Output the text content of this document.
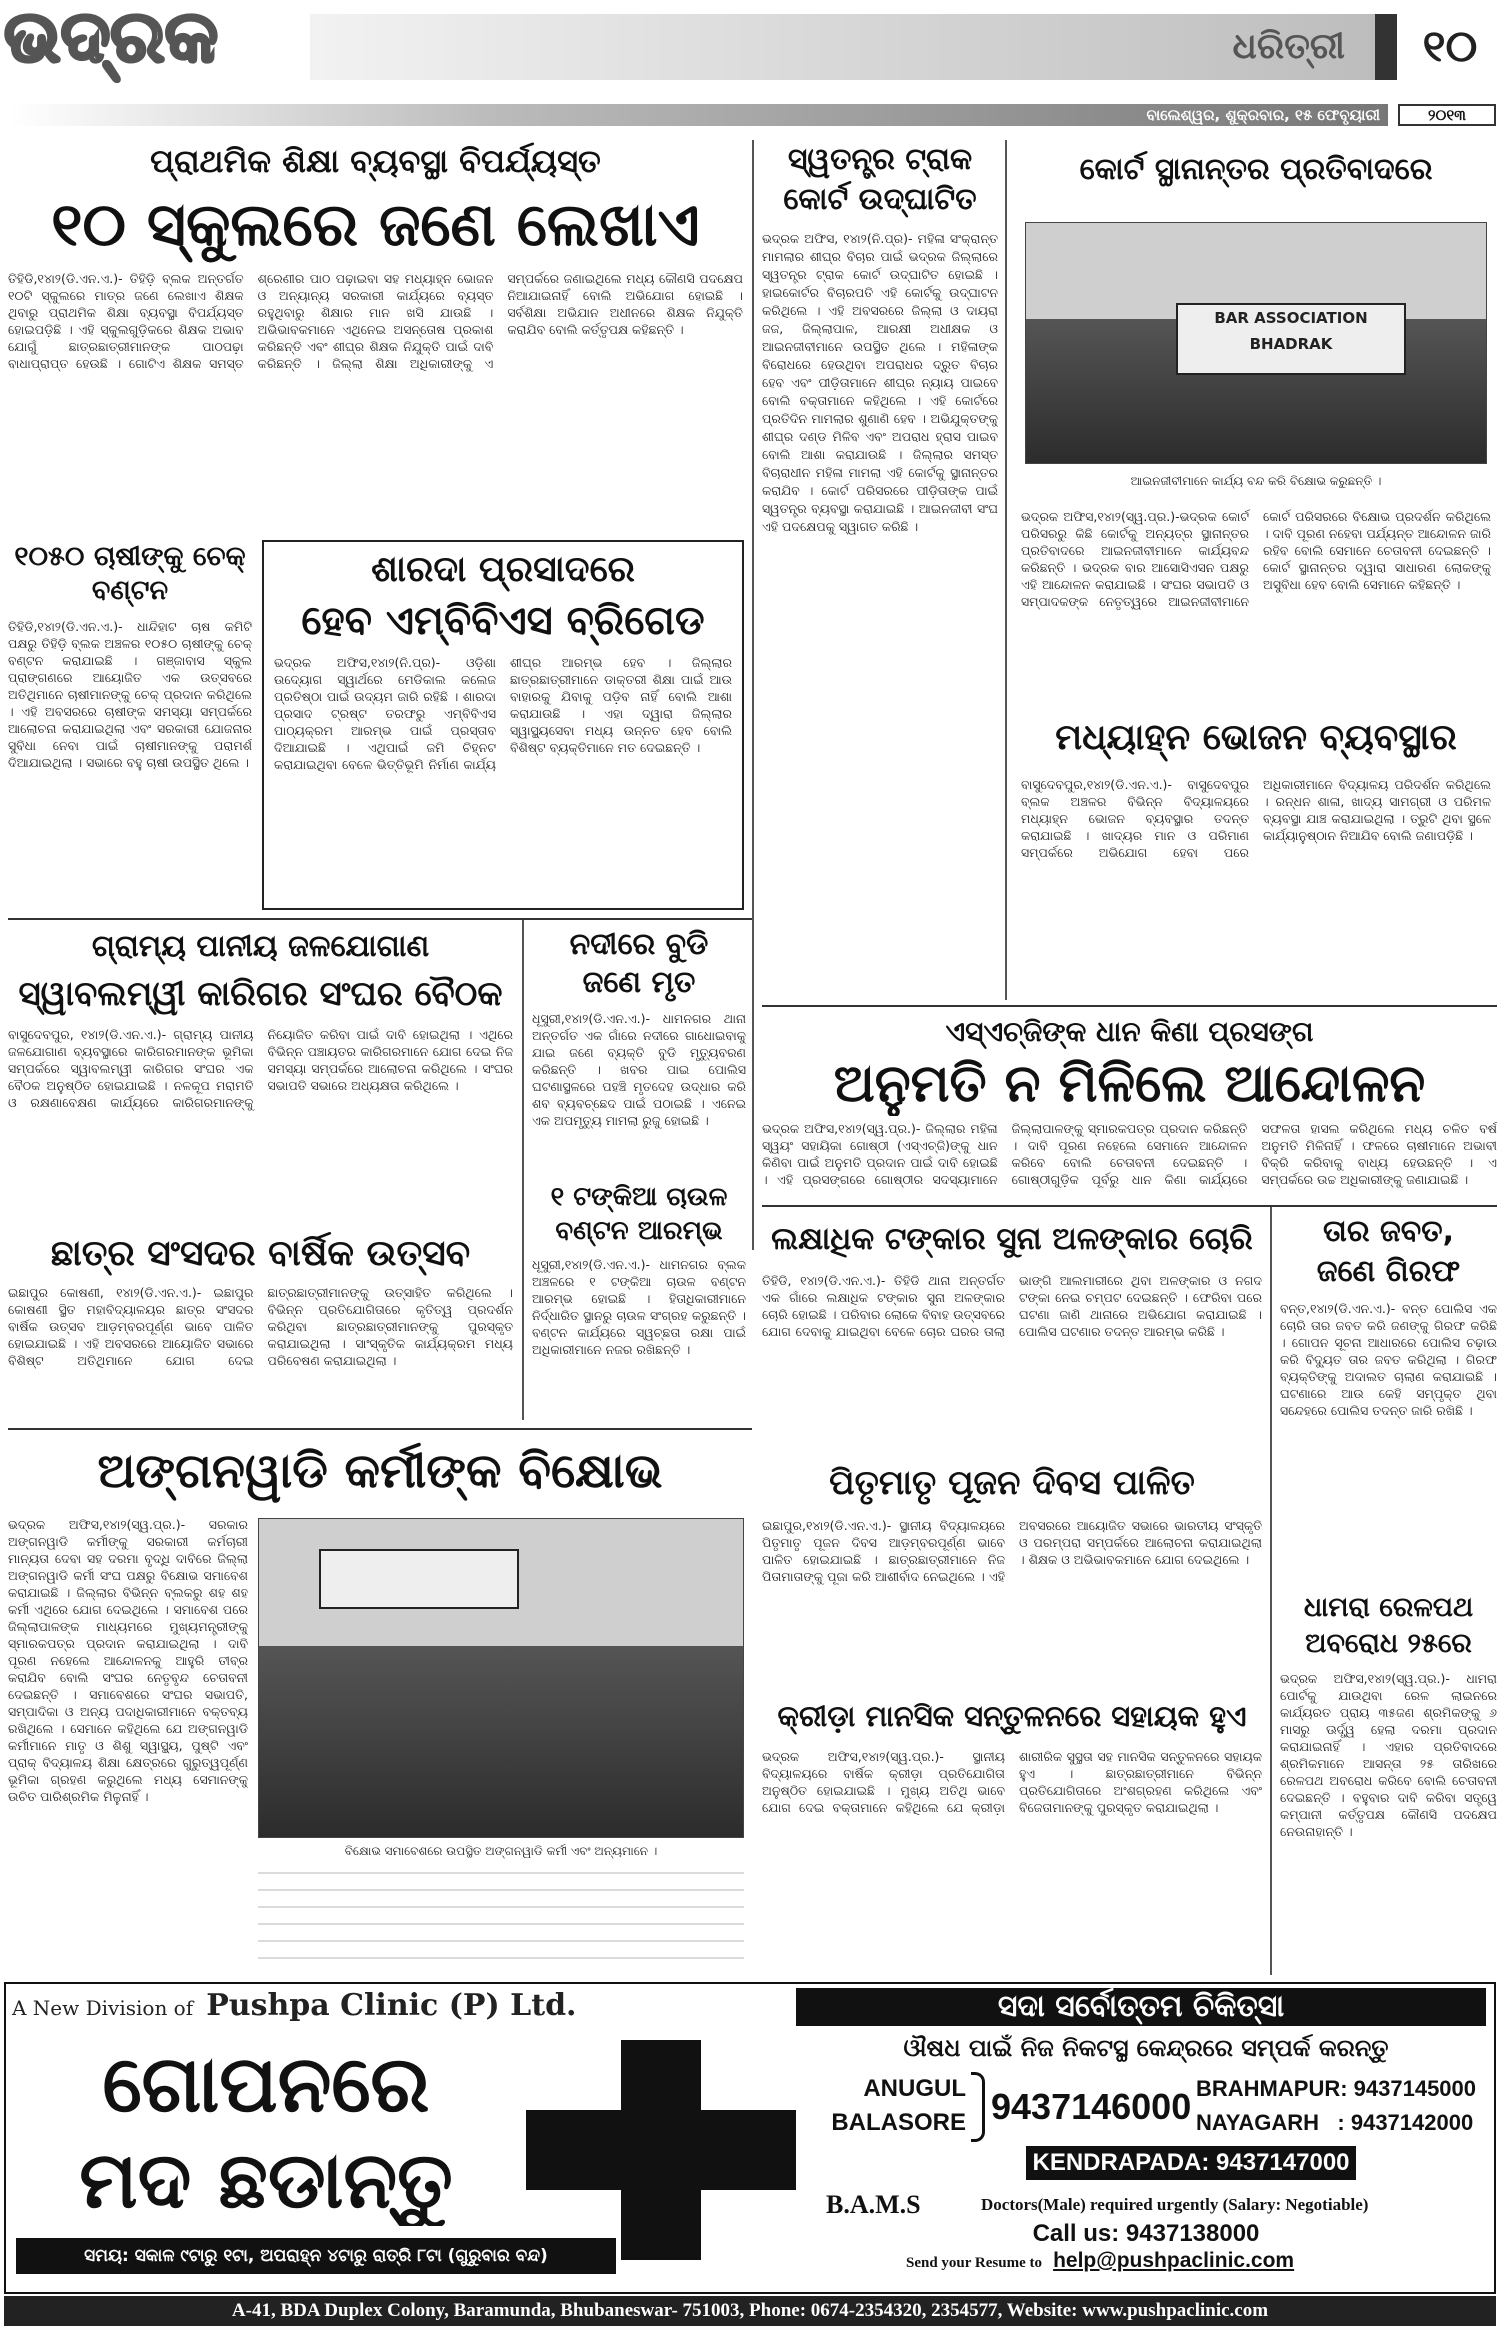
ଭଦ୍ରକ	ଧରିତ୍ରୀ	୧୦
ବାଲେଶ୍ୱର, ଶୁକ୍ରବାର, ୧୫ ଫେବୃୟାରୀ	୨୦୧୩
ପ୍ରାଥମିକ ଶିକ୍ଷା ବ୍ୟବସ୍ଥା ବିପର୍ଯ୍ୟସ୍ତ
୧୦ ସ୍କୁଲରେ ଜଣେ ଲେଖାଏ
ତିହିଡି,୧୪ା୨(ଡି.ଏନ.ଏ.)- ତିହିଡ଼ି ବ୍ଲକ ଅନ୍ତର୍ଗତ ୧୦ଟି ସ୍କୁଲରେ ମାତ୍ର ଜଣେ ଲେଖାଏ ଶିକ୍ଷକ ଥିବାରୁ ପ୍ରାଥମିକ ଶିକ୍ଷା ବ୍ୟବସ୍ଥା ବିପର୍ଯ୍ୟସ୍ତ ହୋଇପଡ଼ିଛି । ଏହି ସ୍କୁଲଗୁଡ଼ିକରେ ଶିକ୍ଷକ ଅଭାବ ଯୋଗୁଁ ଛାତ୍ରଛାତ୍ରୀମାନଙ୍କ ପାଠପଢ଼ା ବାଧାପ୍ରାପ୍ତ ହେଉଛି । ଗୋଟିଏ ଶିକ୍ଷକ ସମସ୍ତ ଶ୍ରେଣୀର ପାଠ ପଢ଼ାଇବା ସହ ମଧ୍ୟାହ୍ନ ଭୋଜନ ଓ ଅନ୍ୟାନ୍ୟ ସରକାରୀ କାର୍ଯ୍ୟରେ ବ୍ୟସ୍ତ ରହୁଥିବାରୁ ଶିକ୍ଷାର ମାନ ଖସି ଯାଉଛି । ଅଭିଭାବକମାନେ ଏଥିନେଇ ଅସନ୍ତୋଷ ପ୍ରକାଶ କରିଛନ୍ତି ଏବଂ ଶୀଘ୍ର ଶିକ୍ଷକ ନିଯୁକ୍ତି ପାଇଁ ଦାବି କରିଛନ୍ତି । ଜିଲ୍ଲା ଶିକ୍ଷା ଅଧିକାରୀଙ୍କୁ ଏ ସମ୍ପର୍କରେ ଜଣାଇଥିଲେ ମଧ୍ୟ କୌଣସି ପଦକ୍ଷେପ ନିଆଯାଇନାହିଁ ବୋଲି ଅଭିଯୋଗ ହୋଇଛି । ସର୍ବଶିକ୍ଷା ଅଭିଯାନ ଅଧୀନରେ ଶିକ୍ଷକ ନିଯୁକ୍ତି କରାଯିବ ବୋଲି କର୍ତ୍ତୃପକ୍ଷ କହିଛନ୍ତି ।
୧୦୫୦ ଚାଷୀଙ୍କୁ ଚେକ୍ ବଣ୍ଟନ
ତିହିଡି,୧୪ା୨(ଡି.ଏନ.ଏ.)- ଧାନ୍ଦିହାଟ ଚାଷ କମିଟି ପକ୍ଷରୁ ତିହିଡ଼ି ବ୍ଲକ ଅଞ୍ଚଳର ୧୦୫୦ ଚାଷୀଙ୍କୁ ଚେକ୍ ବଣ୍ଟନ କରାଯାଇଛି । ଗଞ୍ଜାବାସ ସ୍କୁଲ ପ୍ରାଙ୍ଗଣରେ ଆୟୋଜିତ ଏକ ଉତ୍ସବରେ ଅତିଥିମାନେ ଚାଷୀମାନଙ୍କୁ ଚେକ୍ ପ୍ରଦାନ କରିଥିଲେ । ଏହି ଅବସରରେ ଚାଷୀଙ୍କ ସମସ୍ୟା ସମ୍ପର୍କରେ ଆଲୋଚନା କରାଯାଇଥିଲା ଏବଂ ସରକାରୀ ଯୋଜନାର ସୁବିଧା ନେବା ପାଇଁ ଚାଷୀମାନଙ୍କୁ ପରାମର୍ଶ ଦିଆଯାଇଥିଲା । ସଭାରେ ବହୁ ଚାଷୀ ଉପସ୍ଥିତ ଥିଲେ ।
ଶାରଦା ପ୍ରସାଦରେ
ହେବ ଏମ୍ବିବିଏସ ବ୍ରିଗେଡ
ଭଦ୍ରକ ଅଫିସ,୧୪ା୨(ନି.ପ୍ର)- ଓଡ଼ିଶା ଉଦ୍ୟୋଗ ସ୍ୱାର୍ଥରେ ମେଡିକାଲ କଲେଜ ପ୍ରତିଷ୍ଠା ପାଇଁ ଉଦ୍ୟମ ଜାରି ରହିଛି । ଶାରଦା ପ୍ରସାଦ ଟ୍ରଷ୍ଟ ତରଫରୁ ଏମ୍ବିବିଏସ ପାଠ୍ୟକ୍ରମ ଆରମ୍ଭ ପାଇଁ ପ୍ରସ୍ତାବ ଦିଆଯାଇଛି । ଏଥିପାଇଁ ଜମି ଚିହ୍ନଟ କରାଯାଇଥିବା ବେଳେ ଭିତ୍ତିଭୂମି ନିର୍ମାଣ କାର୍ଯ୍ୟ ଶୀଘ୍ର ଆରମ୍ଭ ହେବ । ଜିଲ୍ଲାର ଛାତ୍ରଛାତ୍ରୀମାନେ ଡାକ୍ତରୀ ଶିକ୍ଷା ପାଇଁ ଆଉ ବାହାରକୁ ଯିବାକୁ ପଡ଼ିବ ନାହିଁ ବୋଲି ଆଶା କରାଯାଉଛି । ଏହା ଦ୍ୱାରା ଜିଲ୍ଲାର ସ୍ୱାସ୍ଥ୍ୟସେବା ମଧ୍ୟ ଉନ୍ନତ ହେବ ବୋଲି ବିଶିଷ୍ଟ ବ୍ୟକ୍ତିମାନେ ମତ ଦେଇଛନ୍ତି ।
ସ୍ୱତନ୍ତ୍ର ଟ୍ରାକ
କୋର୍ଟ ଉଦ୍‌ଘାଟିତ
ଭଦ୍ରକ ଅଫିସ, ୧୪ା୨(ନି.ପ୍ର)- ମହିଳା ସଂକ୍ରାନ୍ତ ମାମଲାର ଶୀଘ୍ର ବିଚାର ପାଇଁ ଭଦ୍ରକ ଜିଲ୍ଲାରେ ସ୍ୱତନ୍ତ୍ର ଟ୍ରାକ କୋର୍ଟ ଉଦ୍‌ଘାଟିତ ହୋଇଛି । ହାଇକୋର୍ଟର ବିଚାରପତି ଏହି କୋର୍ଟକୁ ଉଦ୍‌ଘାଟନ କରିଥିଲେ । ଏହି ଅବସରରେ ଜିଲ୍ଲା ଓ ଦାୟରା ଜଜ, ଜିଲ୍ଲାପାଳ, ଆରକ୍ଷୀ ଅଧୀକ୍ଷକ ଓ ଆଇନଜୀବୀମାନେ ଉପସ୍ଥିତ ଥିଲେ । ମହିଳାଙ୍କ ବିରୋଧରେ ହେଉଥିବା ଅପରାଧର ଦ୍ରୁତ ବିଚାର ହେବ ଏବଂ ପୀଡ଼ିତାମାନେ ଶୀଘ୍ର ନ୍ୟାୟ ପାଇବେ ବୋଲି ବକ୍ତାମାନେ କହିଥିଲେ । ଏହି କୋର୍ଟରେ ପ୍ରତିଦିନ ମାମଲାର ଶୁଣାଣି ହେବ । ଅଭିଯୁକ୍ତଙ୍କୁ ଶୀଘ୍ର ଦଣ୍ଡ ମିଳିବ ଏବଂ ଅପରାଧ ହ୍ରାସ ପାଇବ ବୋଲି ଆଶା କରାଯାଉଛି । ଜିଲ୍ଲାର ସମସ୍ତ ବିଚାରାଧୀନ ମହିଳା ମାମଲା ଏହି କୋର୍ଟକୁ ସ୍ଥାନାନ୍ତର କରାଯିବ । କୋର୍ଟ ପରିସରରେ ପୀଡ଼ିତାଙ୍କ ପାଇଁ ସ୍ୱତନ୍ତ୍ର ବ୍ୟବସ୍ଥା କରାଯାଇଛି । ଆଇନଜୀବୀ ସଂଘ ଏହି ପଦକ୍ଷେପକୁ ସ୍ୱାଗତ କରିଛି ।
କୋର୍ଟ ସ୍ଥାନାନ୍ତର ପ୍ରତିବାଦରେ
BAR ASSOCIATION
BHADRAK
ଆଇନଜୀବୀମାନେ କାର୍ଯ୍ୟ ବନ୍ଦ କରି ବିକ୍ଷୋଭ କରୁଛନ୍ତି ।
ଭଦ୍ରକ ଅଫିସ,୧୪ା୨(ସ୍ୱ.ପ୍ର.)-ଭଦ୍ରକ କୋର୍ଟ ପରିସରରୁ କିଛି କୋର୍ଟକୁ ଅନ୍ୟତ୍ର ସ୍ଥାନାନ୍ତର ପ୍ରତିବାଦରେ ଆଇନଜୀବୀମାନେ କାର୍ଯ୍ୟବନ୍ଦ କରିଛନ୍ତି । ଭଦ୍ରକ ବାର ଆସୋସିଏସନ ପକ୍ଷରୁ ଏହି ଆନ୍ଦୋଳନ କରାଯାଇଛି । ସଂଘର ସଭାପତି ଓ ସମ୍ପାଦକଙ୍କ ନେତୃତ୍ୱରେ ଆଇନଜୀବୀମାନେ କୋର୍ଟ ପରିସରରେ ବିକ୍ଷୋଭ ପ୍ରଦର୍ଶନ କରିଥିଲେ । ଦାବି ପୂରଣ ନହେବା ପର୍ଯ୍ୟନ୍ତ ଆନ୍ଦୋଳନ ଜାରି ରହିବ ବୋଲି ସେମାନେ ଚେତାବନୀ ଦେଇଛନ୍ତି । କୋର୍ଟ ସ୍ଥାନାନ୍ତର ଦ୍ୱାରା ସାଧାରଣ ଲୋକଙ୍କୁ ଅସୁବିଧା ହେବ ବୋଲି ସେମାନେ କହିଛନ୍ତି ।
ମଧ୍ୟାହ୍ନ ଭୋଜନ ବ୍ୟବସ୍ଥାର
ବାସୁଦେବପୁର,୧୪ା୨(ଡି.ଏନ.ଏ.)- ବାସୁଦେବପୁର ବ୍ଲକ ଅଞ୍ଚଳର ବିଭିନ୍ନ ବିଦ୍ୟାଳୟରେ ମଧ୍ୟାହ୍ନ ଭୋଜନ ବ୍ୟବସ୍ଥାର ତଦନ୍ତ କରାଯାଇଛି । ଖାଦ୍ୟର ମାନ ଓ ପରିମାଣ ସମ୍ପର୍କରେ ଅଭିଯୋଗ ହେବା ପରେ ଅଧିକାରୀମାନେ ବିଦ୍ୟାଳୟ ପରିଦର୍ଶନ କରିଥିଲେ । ରନ୍ଧନ ଶାଳା, ଖାଦ୍ୟ ସାମଗ୍ରୀ ଓ ପରିମଳ ବ୍ୟବସ୍ଥା ଯାଞ୍ଚ କରାଯାଇଥିଲା । ତ୍ରୁଟି ଥିବା ସ୍ଥଳେ କାର୍ଯ୍ୟାନୁଷ୍ଠାନ ନିଆଯିବ ବୋଲି ଜଣାପଡ଼ିଛି ।
ଗ୍ରାମ୍ୟ ପାନୀୟ ଜଳଯୋଗାଣ
ସ୍ୱାବଲମ୍ୱୀ କାରିଗର ସଂଘର ବୈଠକ
ବାସୁଦେବପୁର, ୧୪ା୨(ଡି.ଏନ.ଏ.)- ଗ୍ରାମ୍ୟ ପାନୀୟ ଜଳଯୋଗାଣ ବ୍ୟବସ୍ଥାରେ କାରିଗରମାନଙ୍କ ଭୂମିକା ସମ୍ପର୍କରେ ସ୍ୱାବଲମ୍ୱୀ କାରିଗର ସଂଘର ଏକ ବୈଠକ ଅନୁଷ୍ଠିତ ହୋଇଯାଇଛି । ନଳକୂପ ମରାମତି ଓ ରକ୍ଷଣାବେକ୍ଷଣ କାର୍ଯ୍ୟରେ କାରିଗରମାନଙ୍କୁ ନିୟୋଜିତ କରିବା ପାଇଁ ଦାବି ହୋଇଥିଲା । ଏଥିରେ ବିଭିନ୍ନ ପଞ୍ଚାୟତର କାରିଗରମାନେ ଯୋଗ ଦେଇ ନିଜ ସମସ୍ୟା ସମ୍ପର୍କରେ ଆଲୋଚନା କରିଥିଲେ । ସଂଘର ସଭାପତି ସଭାରେ ଅଧ୍ୟକ୍ଷତା କରିଥିଲେ ।
ନଦୀରେ ବୁଡି
ଜଣେ ମୃତ
ଧୂସୁରୀ,୧୪ା୨(ଡି.ଏନ.ଏ.)- ଧାମନଗର ଥାନା ଅନ୍ତର୍ଗତ ଏକ ଗାଁରେ ନଦୀରେ ଗାଧୋଇବାକୁ ଯାଇ ଜଣେ ବ୍ୟକ୍ତି ବୁଡି ମୃତ୍ୟୁବରଣ କରିଛନ୍ତି । ଖବର ପାଇ ପୋଲିସ ଘଟଣାସ୍ଥଳରେ ପହଞ୍ଚି ମୃତଦେହ ଉଦ୍ଧାର କରି ଶବ ବ୍ୟବଚ୍ଛେଦ ପାଇଁ ପଠାଇଛି । ଏନେଇ ଏକ ଅପମୃତ୍ୟୁ ମାମଲା ରୁଜୁ ହୋଇଛି ।
୧ ଟଙ୍କିଆ ଚାଉଳ
ବଣ୍ଟନ ଆରମ୍ଭ
ଧୂସୁରୀ,୧୪ା୨(ଡି.ଏନ.ଏ.)- ଧାମନଗର ବ୍ଲକ ଅଞ୍ଚଳରେ ୧ ଟଙ୍କିଆ ଚାଉଳ ବଣ୍ଟନ ଆରମ୍ଭ ହୋଇଛି । ହିତାଧିକାରୀମାନେ ନିର୍ଦ୍ଧାରିତ ସ୍ଥାନରୁ ଚାଉଳ ସଂଗ୍ରହ କରୁଛନ୍ତି । ବଣ୍ଟନ କାର୍ଯ୍ୟରେ ସ୍ୱଚ୍ଛତା ରକ୍ଷା ପାଇଁ ଅଧିକାରୀମାନେ ନଜର ରଖିଛନ୍ତି ।
ଛାତ୍ର ସଂସଦର ବାର୍ଷିକ ଉତ୍ସବ
ଇଛାପୁର କୋଷଣୀ, ୧୪ା୨(ଡି.ଏନ.ଏ.)- ଇଛାପୁର କୋଷଣୀ ସ୍ଥିତ ମହାବିଦ୍ୟାଳୟର ଛାତ୍ର ସଂସଦର ବାର୍ଷିକ ଉତ୍ସବ ଆଡ଼ମ୍ବରପୂର୍ଣ୍ଣ ଭାବେ ପାଳିତ ହୋଇଯାଇଛି । ଏହି ଅବସରରେ ଆୟୋଜିତ ସଭାରେ ବିଶିଷ୍ଟ ଅତିଥିମାନେ ଯୋଗ ଦେଇ ଛାତ୍ରଛାତ୍ରୀମାନଙ୍କୁ ଉତ୍ସାହିତ କରିଥିଲେ । ବିଭିନ୍ନ ପ୍ରତିଯୋଗିତାରେ କୃତିତ୍ୱ ପ୍ରଦର୍ଶନ କରିଥିବା ଛାତ୍ରଛାତ୍ରୀମାନଙ୍କୁ ପୁରସ୍କୃତ କରାଯାଇଥିଲା । ସାଂସ୍କୃତିକ କାର୍ଯ୍ୟକ୍ରମ ମଧ୍ୟ ପରିବେଷଣ କରାଯାଇଥିଲା ।
ଏସ୍ଏଚ୍‌ଜିଙ୍କ ଧାନ କିଣା ପ୍ରସଙ୍ଗ
ଅନୁମତି ନ ମିଳିଲେ ଆନ୍ଦୋଳନ
ଭଦ୍ରକ ଅଫିସ,୧୪ା୨(ସ୍ୱ.ପ୍ର.)- ଜିଲ୍ଲାର ମହିଳା ସ୍ୱୟଂ ସହାୟିକା ଗୋଷ୍ଠୀ (ଏସ୍ଏଚ୍‌ଜି)ଙ୍କୁ ଧାନ କିଣିବା ପାଇଁ ଅନୁମତି ପ୍ରଦାନ ପାଇଁ ଦାବି ହୋଇଛି । ଏହି ପ୍ରସଙ୍ଗରେ ଗୋଷ୍ଠୀର ସଦସ୍ୟାମାନେ ଜିଲ୍ଲାପାଳଙ୍କୁ ସ୍ମାରକପତ୍ର ପ୍ରଦାନ କରିଛନ୍ତି । ଦାବି ପୂରଣ ନହେଲେ ସେମାନେ ଆନ୍ଦୋଳନ କରିବେ ବୋଲି ଚେତାବନୀ ଦେଇଛନ୍ତି । ଗୋଷ୍ଠୀଗୁଡ଼ିକ ପୂର୍ବରୁ ଧାନ କିଣା କାର୍ଯ୍ୟରେ ସଫଳତା ହାସଲ କରିଥିଲେ ମଧ୍ୟ ଚଳିତ ବର୍ଷ ଅନୁମତି ମିଳିନାହିଁ । ଫଳରେ ଚାଷୀମାନେ ଅଭାବୀ ବିକ୍ରି କରିବାକୁ ବାଧ୍ୟ ହେଉଛନ୍ତି । ଏ ସମ୍ପର୍କରେ ଉଚ୍ଚ ଅଧିକାରୀଙ୍କୁ ଜଣାଯାଇଛି ।
ଲକ୍ଷାଧିକ ଟଙ୍କାର ସୁନା ଅଳଙ୍କାର ଚୋରି
ତିହିଡି, ୧୪ା୨(ଡି.ଏନ.ଏ.)- ତିହିଡି ଥାନା ଅନ୍ତର୍ଗତ ଏକ ଗାଁରେ ଲକ୍ଷାଧିକ ଟଙ୍କାର ସୁନା ଅଳଙ୍କାର ଚୋରି ହୋଇଛି । ପରିବାର ଲୋକେ ବିବାହ ଉତ୍ସବରେ ଯୋଗ ଦେବାକୁ ଯାଇଥିବା ବେଳେ ଚୋର ଘରର ତାଲା ଭାଙ୍ଗି ଆଲମାରୀରେ ଥିବା ଅଳଙ୍କାର ଓ ନଗଦ ଟଙ୍କା ନେଇ ଚମ୍ପଟ ଦେଇଛନ୍ତି । ଫେରିବା ପରେ ଘଟଣା ଜାଣି ଥାନାରେ ଅଭିଯୋଗ କରାଯାଇଛି । ପୋଲିସ ଘଟଣାର ତଦନ୍ତ ଆରମ୍ଭ କରିଛି ।
ତାର ଜବତ,
ଜଣେ ଗିରଫ
ବନ୍ତ,୧୪ା୨(ଡି.ଏନ.ଏ.)- ବନ୍ତ ପୋଲିସ ଏକ ଚୋରି ତାର ଜବତ କରି ଜଣଙ୍କୁ ଗିରଫ କରିଛି । ଗୋପନ ସୂଚନା ଆଧାରରେ ପୋଲିସ ଚଢ଼ାଉ କରି ବିଦ୍ୟୁତ ତାର ଜବତ କରିଥିଲା । ଗିରଫ ବ୍ୟକ୍ତିଙ୍କୁ ଅଦାଲତ ଚାଲାଣ କରାଯାଇଛି । ଘଟଣାରେ ଆଉ କେହି ସମ୍ପୃକ୍ତ ଥିବା ସନ୍ଦେହରେ ପୋଲିସ ତଦନ୍ତ ଜାରି ରଖିଛି ।
ଧାମରା ରେଳପଥ
ଅବରୋଧ ୨୫ରେ
ଭଦ୍ରକ ଅଫିସ,୧୪ା୨(ସ୍ୱ.ପ୍ର.)- ଧାମରା ପୋର୍ଟକୁ ଯାଉଥିବା ରେଳ ଲାଇନରେ କାର୍ଯ୍ୟରତ ପ୍ରାୟ ୩୫ଜଣ ଶ୍ରମିକଙ୍କୁ ୬ ମାସରୁ ଊର୍ଦ୍ଧ୍ୱ ହେଲା ଦରମା ପ୍ରଦାନ କରାଯାଇନାହିଁ । ଏହାର ପ୍ରତିବାଦରେ ଶ୍ରମିକମାନେ ଆସନ୍ତା ୨୫ ତାରିଖରେ ରେଳପଥ ଅବରୋଧ କରିବେ ବୋଲି ଚେତାବନୀ ଦେଇଛନ୍ତି । ବହୁବାର ଦାବି କରିବା ସତ୍ତ୍ୱେ କମ୍ପାନୀ କର୍ତ୍ତୃପକ୍ଷ କୌଣସି ପଦକ୍ଷେପ ନେଉନାହାନ୍ତି ।
ପିତୃମାତୃ ପୂଜନ ଦିବସ ପାଳିତ
ଇଛାପୁର,୧୪ା୨(ଡି.ଏନ.ଏ.)- ସ୍ଥାନୀୟ ବିଦ୍ୟାଳୟରେ ପିତୃମାତୃ ପୂଜନ ଦିବସ ଆଡ଼ମ୍ବରପୂର୍ଣ୍ଣ ଭାବେ ପାଳିତ ହୋଇଯାଇଛି । ଛାତ୍ରଛାତ୍ରୀମାନେ ନିଜ ପିତାମାତାଙ୍କୁ ପୂଜା କରି ଆଶୀର୍ବାଦ ନେଇଥିଲେ । ଏହି ଅବସରରେ ଆୟୋଜିତ ସଭାରେ ଭାରତୀୟ ସଂସ୍କୃତି ଓ ପରମ୍ପରା ସମ୍ପର୍କରେ ଆଲୋଚନା କରାଯାଇଥିଲା । ଶିକ୍ଷକ ଓ ଅଭିଭାବକମାନେ ଯୋଗ ଦେଇଥିଲେ ।
କ୍ରୀଡ଼ା ମାନସିକ ସନ୍ତୁଳନରେ ସହାୟକ ହୁଏ
ଭଦ୍ରକ ଅଫିସ,୧୪ା୨(ସ୍ୱ.ପ୍ର.)- ସ୍ଥାନୀୟ ବିଦ୍ୟାଳୟରେ ବାର୍ଷିକ କ୍ରୀଡ଼ା ପ୍ରତିଯୋଗିତା ଅନୁଷ୍ଠିତ ହୋଇଯାଇଛି । ମୁଖ୍ୟ ଅତିଥି ଭାବେ ଯୋଗ ଦେଇ ବକ୍ତାମାନେ କହିଥିଲେ ଯେ କ୍ରୀଡ଼ା ଶାରୀରିକ ସୁସ୍ଥତା ସହ ମାନସିକ ସନ୍ତୁଳନରେ ସହାୟକ ହୁଏ । ଛାତ୍ରଛାତ୍ରୀମାନେ ବିଭିନ୍ନ ପ୍ରତିଯୋଗିତାରେ ଅଂଶଗ୍ରହଣ କରିଥିଲେ ଏବଂ ବିଜେତାମାନଙ୍କୁ ପୁରସ୍କୃତ କରାଯାଇଥିଲା ।
ଅଙ୍ଗନୱାଡି କର୍ମୀଙ୍କ ବିକ୍ଷୋଭ
ଭଦ୍ରକ ଅଫିସ,୧୪ା୨(ସ୍ୱ.ପ୍ର.)- ସରକାର ଅଙ୍ଗନୱାଡି କର୍ମୀଙ୍କୁ ସରକାରୀ କର୍ମଚାରୀ ମାନ୍ୟତା ଦେବା ସହ ଦରମା ବୃଦ୍ଧି ଦାବିରେ ଜିଲ୍ଲା ଅଙ୍ଗନୱାଡି କର୍ମୀ ସଂଘ ପକ୍ଷରୁ ବିକ୍ଷୋଭ ସମାବେଶ କରାଯାଇଛି । ଜିଲ୍ଲାର ବିଭିନ୍ନ ବ୍ଲକରୁ ଶହ ଶହ କର୍ମୀ ଏଥିରେ ଯୋଗ ଦେଇଥିଲେ । ସମାବେଶ ପରେ ଜିଲ୍ଲାପାଳଙ୍କ ମାଧ୍ୟମରେ ମୁଖ୍ୟମନ୍ତ୍ରୀଙ୍କୁ ସ୍ମାରକପତ୍ର ପ୍ରଦାନ କରାଯାଇଥିଲା । ଦାବି ପୂରଣ ନହେଲେ ଆନ୍ଦୋଳନକୁ ଆହୁରି ତୀବ୍ର କରାଯିବ ବୋଲି ସଂଘର ନେତୃବୃନ୍ଦ ଚେତାବନୀ ଦେଇଛନ୍ତି । ସମାବେଶରେ ସଂଘର ସଭାପତି, ସମ୍ପାଦିକା ଓ ଅନ୍ୟ ପଦାଧିକାରୀମାନେ ବକ୍ତବ୍ୟ ରଖିଥିଲେ । ସେମାନେ କହିଥିଲେ ଯେ ଅଙ୍ଗନୱାଡି କର୍ମୀମାନେ ମାତୃ ଓ ଶିଶୁ ସ୍ୱାସ୍ଥ୍ୟ, ପୁଷ୍ଟି ଏବଂ ପ୍ରାକ୍ ବିଦ୍ୟାଳୟ ଶିକ୍ଷା କ୍ଷେତ୍ରରେ ଗୁରୁତ୍ୱପୂର୍ଣ୍ଣ ଭୂମିକା ଗ୍ରହଣ କରୁଥିଲେ ମଧ୍ୟ ସେମାନଙ୍କୁ ଉଚିତ ପାରିଶ୍ରମିକ ମିଳୁନାହିଁ ।
ବିକ୍ଷୋଭ ସମାବେଶରେ ଉପସ୍ଥିତ ଅଙ୍ଗନୱାଡି କର୍ମୀ ଏବଂ ଅନ୍ୟମାନେ ।
A New Division of Pushpa Clinic (P) Ltd.	ସଦା ସର୍ବୋତ୍ତମ ଚିକିତ୍ସା
ଗୋପନରେ
ମଦ ଛଡାନ୍ତୁ
ସମୟ: ସକାଳ ୯ଟାରୁ ୧ଟା, ଅପରାହ୍ନ ୪ଟାରୁ ରାତ୍ରି ୮ଟା (ଗୁରୁବାର ବନ୍ଦ)
ଔଷଧ ପାଇଁ ନିଜ ନିକଟସ୍ଥ କେନ୍ଦ୍ରରେ ସମ୍ପର୍କ କରନ୍ତୁ
ANUGUL
BALASORE 9437146000 BRAHMAPUR: 9437145000
NAYAGARH   : 9437142000
KENDRAPADA: 9437147000
B.A.M.S	Doctors(Male) required urgently (Salary: Negotiable)
Call us: 9437138000
Send your Resume to help@pushpaclinic.com
A-41, BDA Duplex Colony, Baramunda, Bhubaneswar- 751003, Phone: 0674-2354320, 2354577, Website: www.pushpaclinic.com
